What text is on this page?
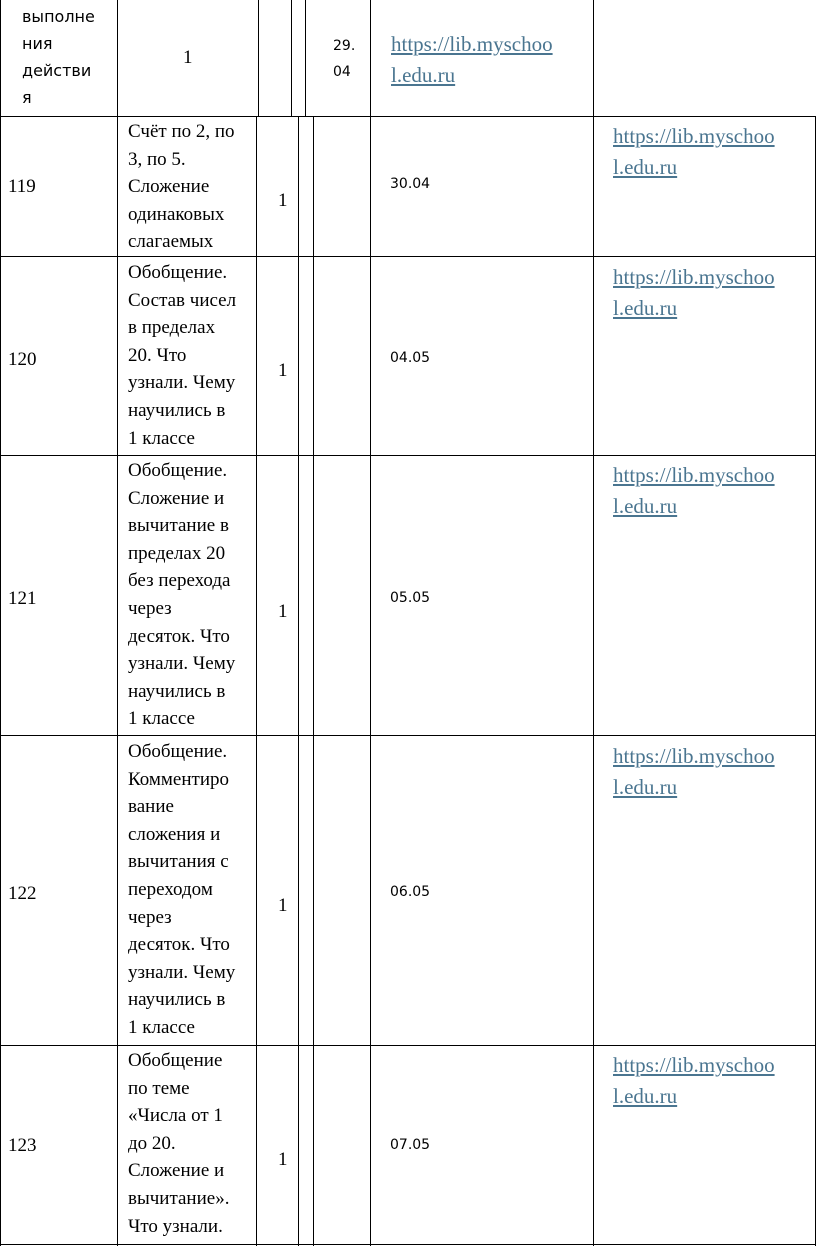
выполне
ния
действи
я
1
29.
04
https://lib.myschoo
l.edu.ru
119
Счёт по 2, по
3, по 5.
Сложение
одинаковых
слагаемых
1
30.04
https://lib.myschoo
l.edu.ru
120
Обобщение.
Состав чисел
в пределах
20. Что
узнали. Чему
научились в
1 классе
1
04.05
https://lib.myschoo
l.edu.ru
121
Обобщение.
Сложение и
вычитание в
пределах 20
без перехода
через
десяток. Что
узнали. Чему
научились в
1 классе
1
05.05
https://lib.myschoo
l.edu.ru
122
Обобщение.
Комментиро
вание
сложения и
вычитания с
переходом
через
десяток. Что
узнали. Чему
научились в
1 классе
1
06.05
https://lib.myschoo
l.edu.ru
123
Обобщение
по теме
«Числа от 1
до 20.
Сложение и
вычитание».
Что узнали.
1
07.05
https://lib.myschoo
l.edu.ru
